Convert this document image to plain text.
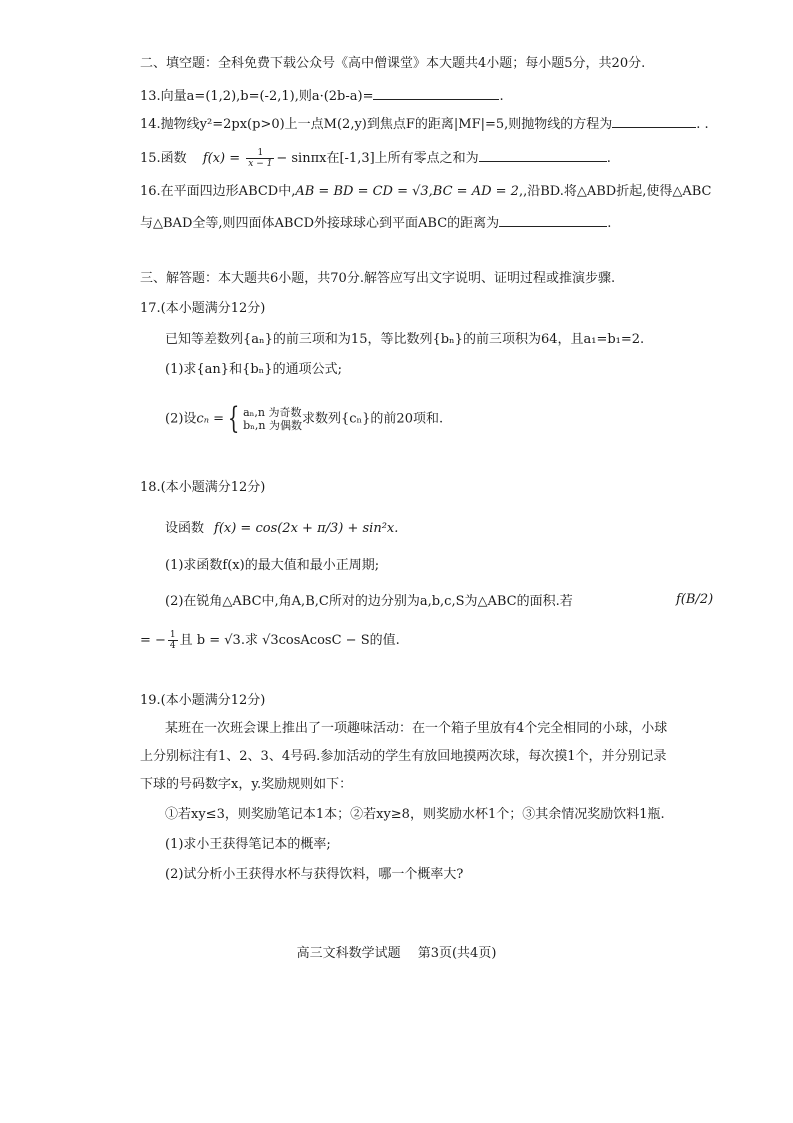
二、填空题：全科免费下载公众号《高中僧课堂》本大题共4小题；每小题5分，共20分.
13.向量a=(1,2),b=(-2,1),则a·(2b-a)=	.
14.抛物线y²=2px(p>0)上一点M(2,y)到焦点F的距离|MF|=5,则抛物线的方程为	. .
15.函数 $f(x) = \frac{1}{x - 1} - \sin\pi x$在[-1,3]上所有零点之和为	.
16.在平面四边形ABCD中,AB = BD = CD = √3,BC = AD = 2,,沿BD.将△ABD折起,使得△ABC
与△BAD全等,则四面体ABCD外接球球心到平面ABC的距离为	.
三、解答题：本大题共6小题，共70分.解答应写出文字说明、证明过程或推演步骤.
17.(本小题满分12分)
已知等差数列{aₙ}的前三项和为15，等比数列{bₙ}的前三项积为64，且a₁=b₁=2.
(1)求{an}和{bₙ}的通项公式;
(2)设cₙ = { aₙ,n 为奇数
bₙ,n 为偶数 求数列{cₙ}的前20项和.
18.(本小题满分12分)
设函数 f(x) = cos(2x + π/3) + sin²x.
(1)求函数f(x)的最大值和最小正周期;
(2)在锐角△ABC中,角A,B,C所对的边分别为a,b,c,S为△ABC的面积.若	f(B/2)
= − $\frac{1}{4}$ 且 b = √3.求 √3cosAcosC − S的值.
19.(本小题满分12分)
某班在一次班会课上推出了一项趣味活动：在一个箱子里放有4个完全相同的小球，小球
上分别标注有1、2、3、4号码.参加活动的学生有放回地摸两次球，每次摸1个，并分别记录
下球的号码数字x，y.奖励规则如下：
①若xy≤3，则奖励笔记本1本；②若xy≥8，则奖励水杯1个；③其余情况奖励饮料1瓶.
(1)求小王获得笔记本的概率;
(2)试分析小王获得水杯与获得饮料，哪一个概率大?
高三文科数学试题　 第3页(共4页)
